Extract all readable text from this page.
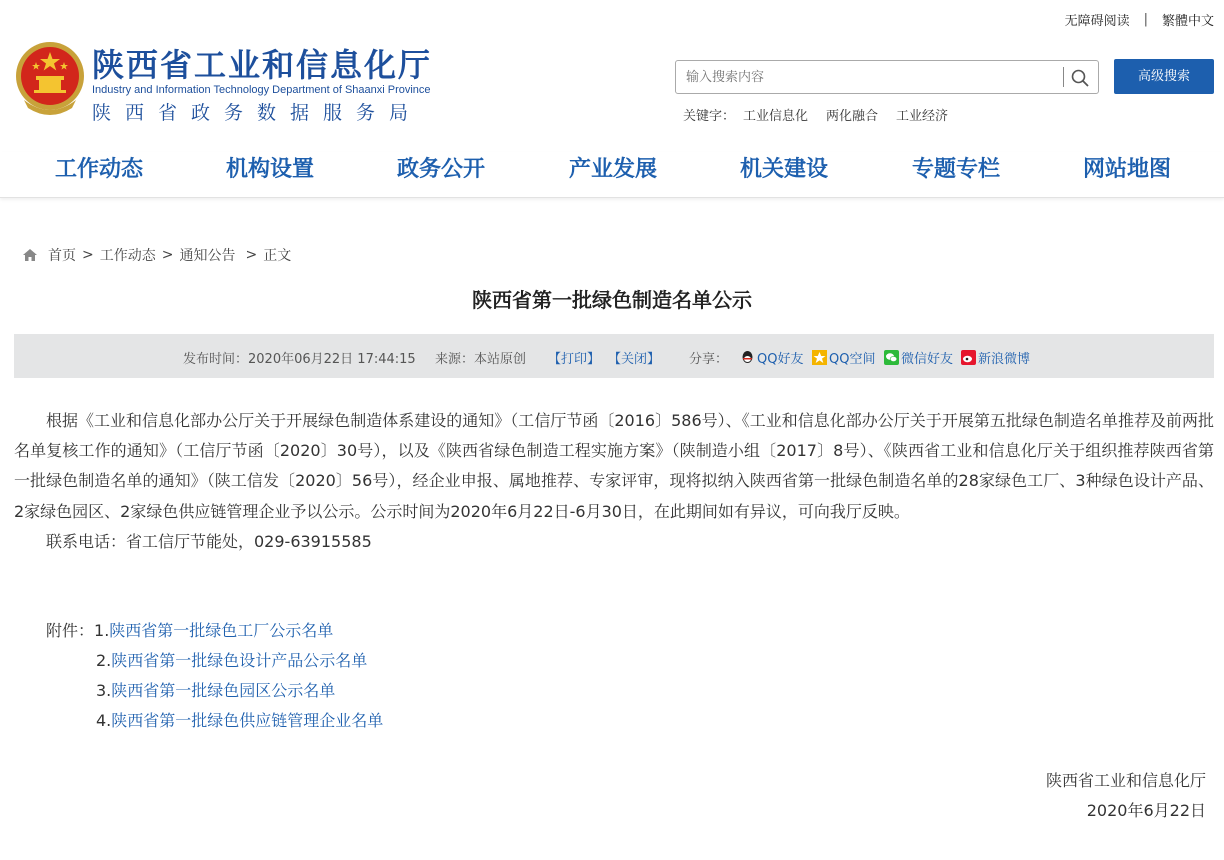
无障碍阅读 | 繁體中文
陕西省工业和信息化厅
Industry and Information Technology Department of Shaanxi Province
陕西省政务数据服务局
输入搜索内容
高级搜索
关键字： 工业信息化 两化融合 工业经济
工作动态	机构设置	政务公开	产业发展	机关建设	专题专栏	网站地图
首页 > 工作动态 > 通知公告 > 正文
陕西省第一批绿色制造名单公示
发布时间：2020年06月22日 17:44:15 来源：本站原创 【打印】 【关闭】 分享：	QQ好友	QQ空间	微信好友	新浪微博

根据《工业和信息化部办公厅关于开展绿色制造体系建设的通知》（工信厅节函〔2016〕586号）、《工业和信息化部办公厅关于开展第五批绿色制造名单推荐及前两批名单复核工作的通知》（工信厅节函〔2020〕30号），以及《陕西省绿色制造工程实施方案》（陕制造小组〔2017〕8号）、《陕西省工业和信息化厅关于组织推荐陕西省第一批绿色制造名单的通知》（陕工信发〔2020〕56号），经企业申报、属地推荐、专家评审，现将拟纳入陕西省第一批绿色制造名单的28家绿色工厂、3种绿色设计产品、2家绿色园区、2家绿色供应链管理企业予以公示。公示时间为2020年6月22日-6月30日，在此期间如有异议，可向我厅反映。

联系电话：省工信厅节能处，029-63915585

附件：1.陕西省第一批绿色工厂公示名单
2.陕西省第一批绿色设计产品公示名单
3.陕西省第一批绿色园区公示名单
4.陕西省第一批绿色供应链管理企业名单
陕西省工业和信息化厅
2020年6月22日
